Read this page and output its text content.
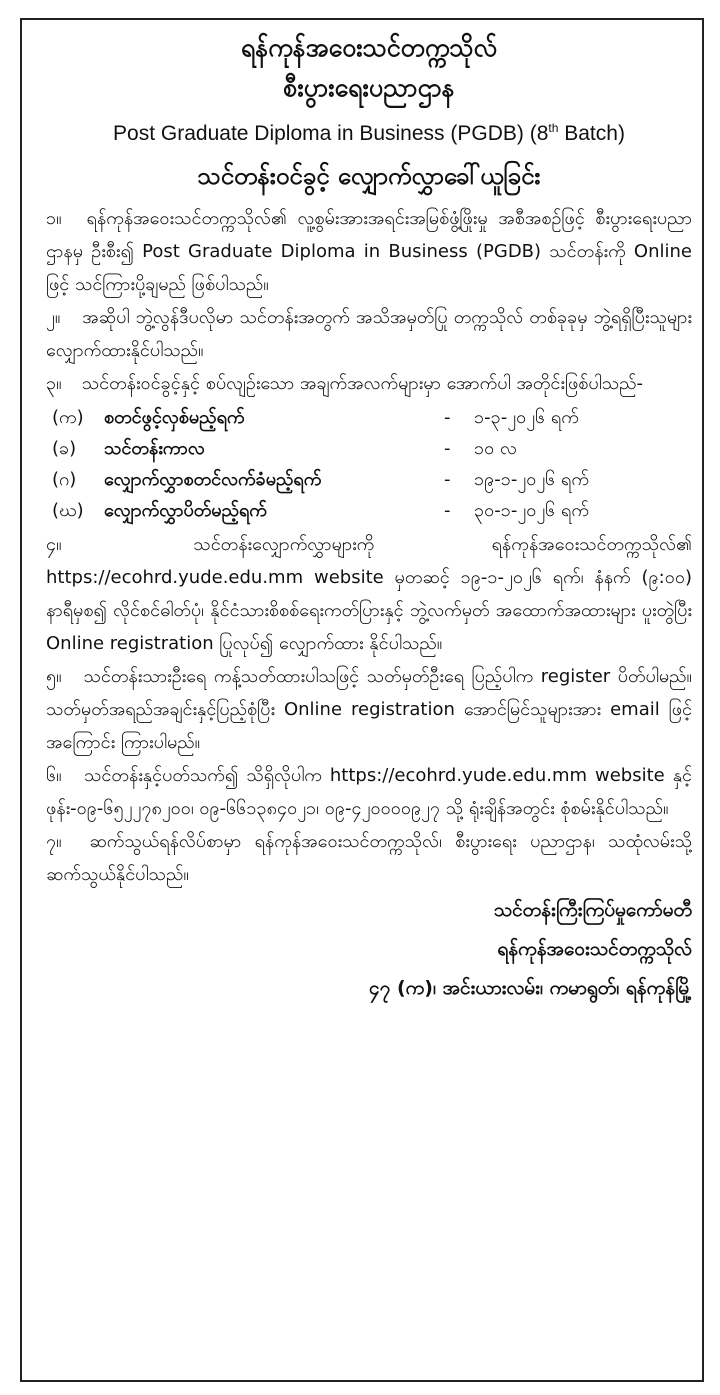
ရန်ကုန်အဝေးသင်တက္ကသိုလ်
စီးပွားရေးပညာဌာန
Post Graduate Diploma in Business (PGDB) (8th Batch)
သင်တန်းဝင်ခွင့် လျှောက်လွှာခေါ်ယူခြင်း

၁။ ရန်ကုန်အဝေးသင်တက္ကသိုလ်၏ လူ့စွမ်းအားအရင်းအမြစ်ဖွံ့ဖြိုးမှု အစီအစဉ်ဖြင့် စီးပွားရေးပညာဌာနမှ ဦးစီး၍ Post Graduate Diploma in Business (PGDB) သင်တန်းကို Online ဖြင့် သင်ကြားပို့ချမည် ဖြစ်ပါသည်။

၂။ အဆိုပါ ဘွဲ့လွန်ဒီပလိုမာ သင်တန်းအတွက် အသိအမှတ်ပြု တက္ကသိုလ် တစ်ခုခုမှ ဘွဲ့ရရှိပြီးသူများ လျှောက်ထားနိုင်ပါသည်။

၃။ သင်တန်းဝင်ခွင့်နှင့် စပ်လျဉ်းသော အချက်အလက်များမှာ အောက်ပါ အတိုင်းဖြစ်ပါသည်-

(က)	စတင်ဖွင့်လှစ်မည့်ရက်	-	၁-၃-၂၀၂၆ ရက်
(ခ)	သင်တန်းကာလ	-	၁၀ လ
(ဂ)	လျှောက်လွှာစတင်လက်ခံမည့်ရက်	-	၁၉-၁-၂၀၂၆ ရက်
(ဃ)	လျှောက်လွှာပိတ်မည့်ရက်	-	၃၀-၁-၂၀၂၆ ရက်

၄။	သင်တန်းလျှောက်လွှာများကို ရန်ကုန်အဝေးသင်တက္ကသိုလ်၏ https://ecohrd.yude.edu.mm website မှတဆင့် ၁၉-၁-၂၀၂၆ ရက်၊ နံနက် (၉:၀၀) နာရီမှစ၍ လိုင်စင်ဓါတ်ပုံ၊ နိုင်ငံသားစိစစ်ရေးကတ်ပြားနှင့် ဘွဲ့လက်မှတ် အထောက်အထားများ ပူးတွဲပြီး Online registration ပြုလုပ်၍ လျှောက်ထား နိုင်ပါသည်။

၅။ သင်တန်းသားဦးရေ ကန့်သတ်ထားပါသဖြင့် သတ်မှတ်ဦးရေ ပြည့်ပါက register ပိတ်ပါမည်။ သတ်မှတ်အရည်အချင်းနှင့်ပြည့်စုံပြီး Online registration အောင်မြင်သူများအား email ဖြင့် အကြောင်း ကြားပါမည်။

၆။ သင်တန်းနှင့်ပတ်သက်၍ သိရှိလိုပါက https://ecohrd.yude.edu.mm website နှင့် ဖုန်း-၀၉-၆၅၂၂၇၈၂၀၀၊ ၀၉-၆၆၁၃၈၄၀၂၁၊ ၀၉-၄၂၀၀၀၀၉၂၇ သို့ ရုံးချိန်အတွင်း စုံစမ်းနိုင်ပါသည်။

၇။ ဆက်သွယ်ရန်လိပ်စာမှာ ရန်ကုန်အဝေးသင်တက္ကသိုလ်၊ စီးပွားရေး ပညာဌာန၊ သထုံလမ်းသို့ ဆက်သွယ်နိုင်ပါသည်။

သင်တန်းကြီးကြပ်မှုကော်မတီ
ရန်ကုန်အဝေးသင်တက္ကသိုလ်
၄၇ (က)၊ အင်းယားလမ်း၊ ကမာရွတ်၊ ရန်ကုန်မြို့
